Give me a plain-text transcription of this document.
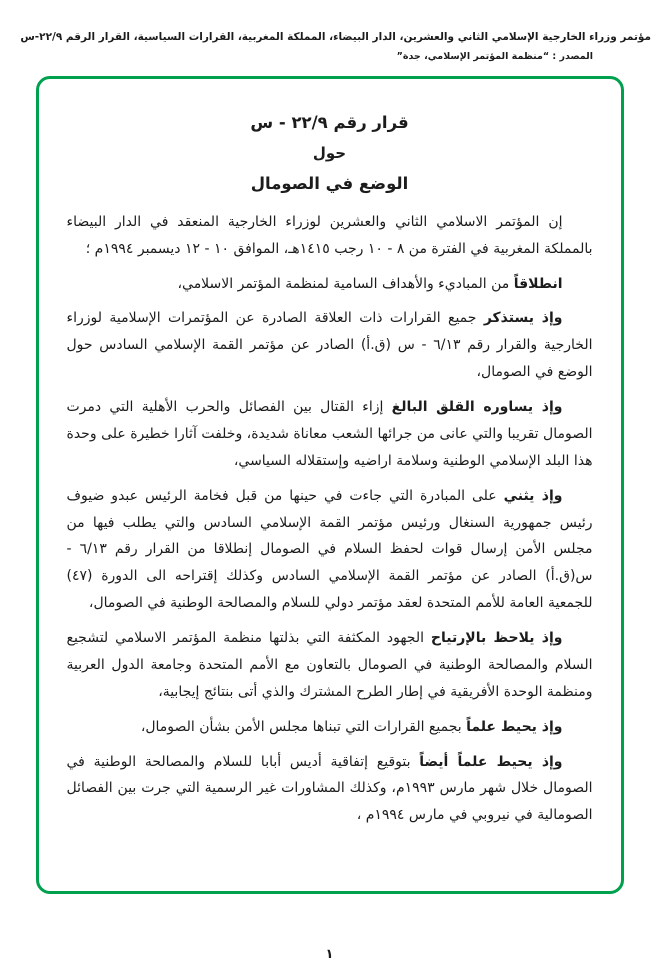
مؤتمر وزراء الخارجية الإسلامي الثاني والعشرين، الدار البيضاء، المملكة المغربية، القرارات السياسية، القرار الرقم ٢٢/٩-س
المصدر : “منظمة المؤتمر الإسلامي، جدة”
قرار رقم ٢٢/٩ - س
حول
الوضع في الصومال

إن المؤتمر الاسلامي الثاني والعشرين لوزراء الخارجية المنعقد في الدار البيضاء بالمملكة المغربية في الفترة من ٨ - ١٠ رجب ١٤١٥هـ، الموافق ١٠ - ١٢ ديسمبر ١٩٩٤م ؛

انطلاقاً من المباديء والأهداف السامية لمنظمة المؤتمر الاسلامي،

وإذ يستذكر جميع القرارات ذات العلاقة الصادرة عن المؤتمرات الإسلامية لوزراء الخارجية والقرار رقم ٦/١٣ - س (ق.أ) الصادر عن مؤتمر القمة الإسلامي السادس حول الوضع في الصومال،

وإذ يساوره القلق البالغ إزاء القتال بين الفصائل والحرب الأهلية التي دمرت الصومال تقريبا والتي عانى من جرائها الشعب معاناة شديدة، وخلفت آثارا خطيرة على وحدة هذا البلد الإسلامي الوطنية وسلامة اراضيه وإستقلاله السياسي،

وإذ يثني على المبادرة التي جاءت في حينها من قبل فخامة الرئيس عبدو ضيوف رئيس جمهورية السنغال ورئيس مؤتمر القمة الإسلامي السادس والتي يطلب فيها من مجلس الأمن إرسال قوات لحفظ السلام في الصومال إنطلاقا من القرار رقم ٦/١٣ - س(ق.أ) الصادر عن مؤتمر القمة الإسلامي السادس وكذلك إقتراحه الى الدورة (٤٧) للجمعية العامة للأمم المتحدة لعقد مؤتمر دولي للسلام والمصالحة الوطنية في الصومال،

وإذ يلاحظ بالإرتياح الجهود المكثفة التي بذلتها منظمة المؤتمر الاسلامي لتشجيع السلام والمصالحة الوطنية في الصومال بالتعاون مع الأمم المتحدة وجامعة الدول العربية ومنظمة الوحدة الأفريقية في إطار الطرح المشترك والذي أتى بنتائج إيجابية،

وإذ يحيط علماً بجميع القرارات التي تبناها مجلس الأمن بشأن الصومال،

وإذ يحيط علماً أيضاً بتوقيع إتفاقية أديس أبابا للسلام والمصالحة الوطنية في الصومال خلال شهر مارس ١٩٩٣م، وكذلك المشاورات غير الرسمية التي جرت بين الفصائل الصومالية في نيروبي في مارس ١٩٩٤م ،

١
